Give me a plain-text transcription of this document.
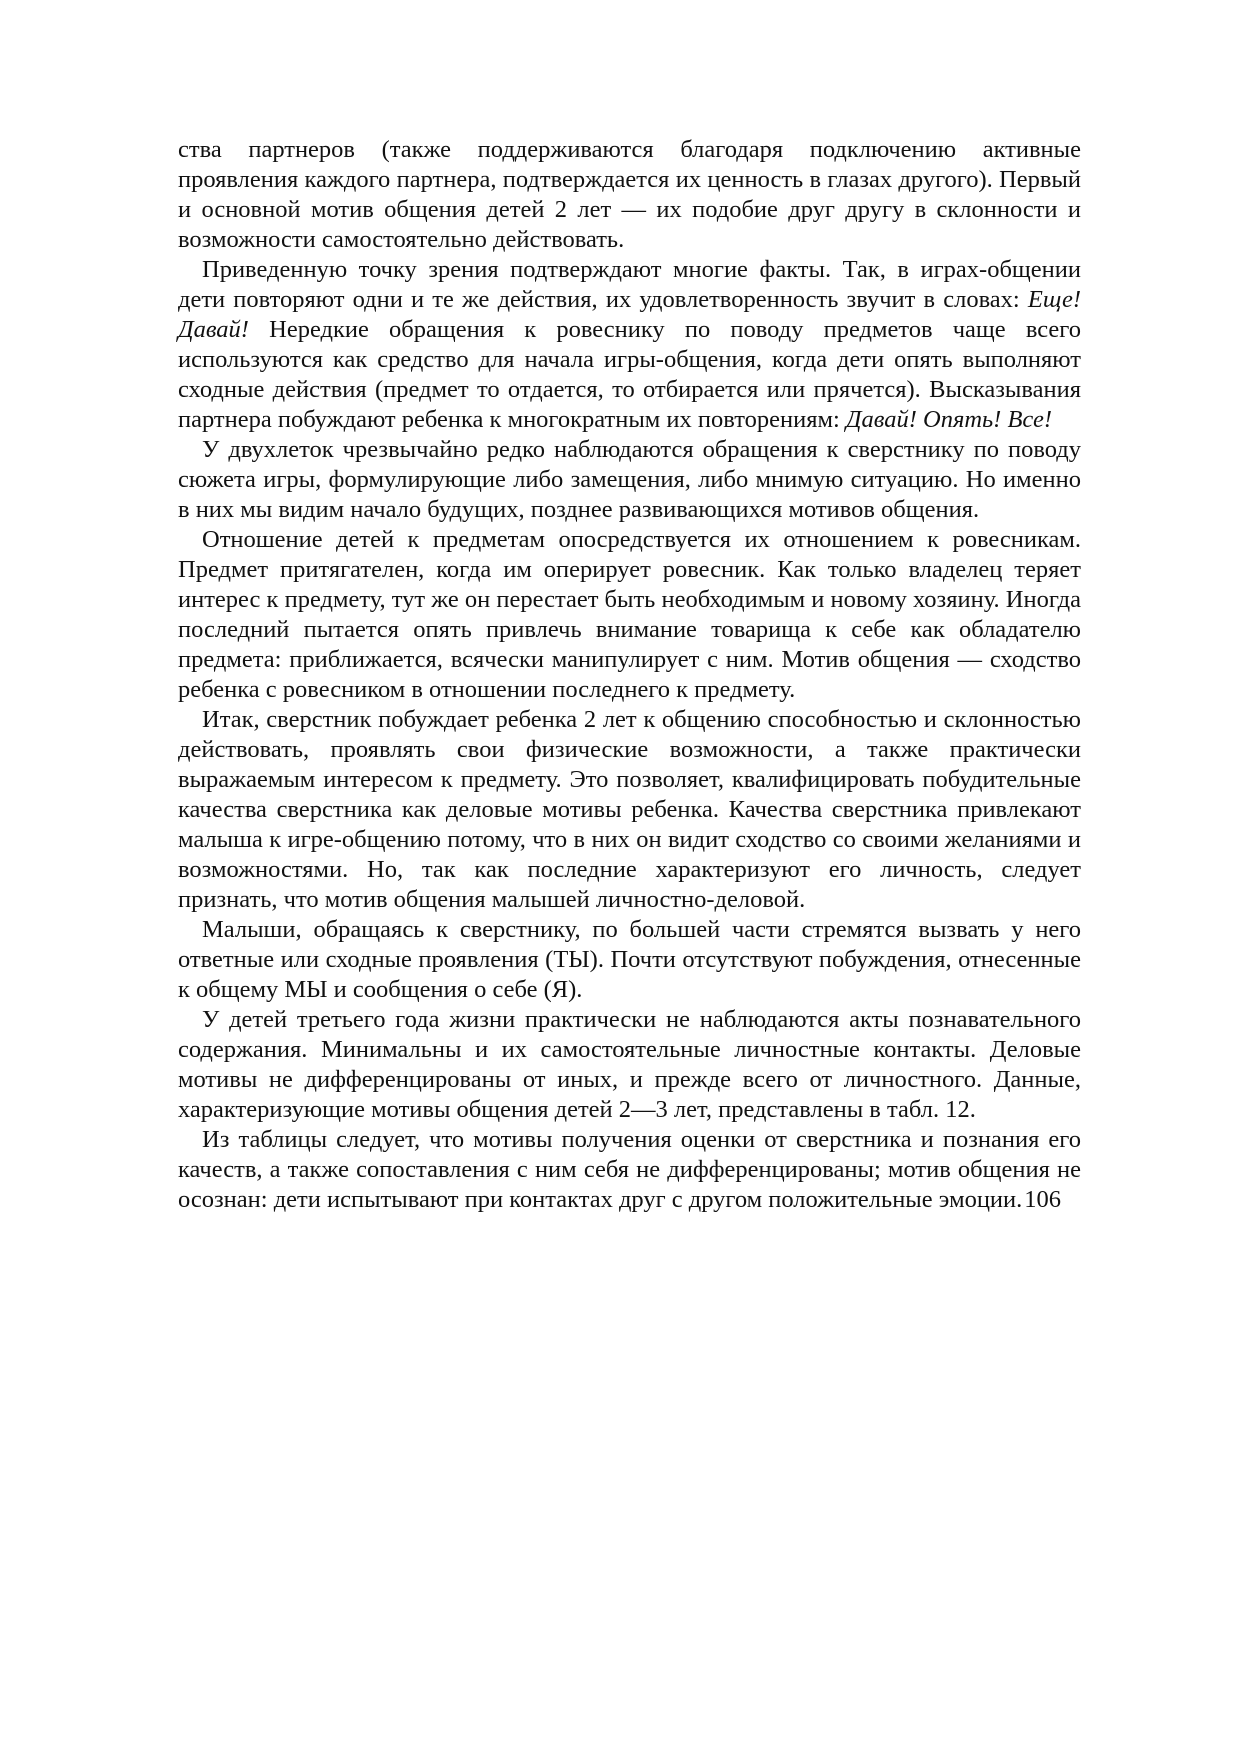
ства партнеров (также поддерживаются благодаря подключению активные проявления каждого партнера, подтверждается их ценность в глазах другого). Первый и основной мотив общения детей 2 лет — их подобие друг другу в склонности и возможности самостоятельно действовать.

Приведенную точку зрения подтверждают многие факты. Так, в играх-общении дети повторяют одни и те же действия, их удовлетворенность звучит в словах: Еще! Давай! Нередкие обращения к ровеснику по поводу предметов чаще всего используются как средство для начала игры-общения, когда дети опять выполняют сходные действия (предмет то отдается, то отбирается или прячется). Высказывания партнера побуждают ребенка к многократным их повторениям: Давай! Опять! Все!

У двухлеток чрезвычайно редко наблюдаются обращения к сверстнику по поводу сюжета игры, формулирующие либо замещения, либо мнимую ситуацию. Но именно в них мы видим начало будущих, позднее развивающихся мотивов общения.

Отношение детей к предметам опосредствуется их отношением к ровесникам. Предмет притягателен, когда им оперирует ровесник. Как только владелец теряет интерес к предмету, тут же он перестает быть необходимым и новому хозяину. Иногда последний пытается опять привлечь внимание товарища к себе как обладателю предмета: приближается, всячески манипулирует с ним. Мотив общения — сходство ребенка с ровесником в отношении последнего к предмету.

Итак, сверстник побуждает ребенка 2 лет к общению способностью и склонностью действовать, проявлять свои физические возможности, а также практически выражаемым интересом к предмету. Это позволяет, квалифицировать побудительные качества сверстника как деловые мотивы ребенка. Качества сверстника привлекают малыша к игре-общению потому, что в них он видит сходство со своими желаниями и возможностями. Но, так как последние характеризуют его личность, следует признать, что мотив общения малышей личностно-деловой.

Малыши, обращаясь к сверстнику, по большей части стремятся вызвать у него ответные или сходные проявления (ТЫ). Почти отсутствуют побуждения, отнесенные к общему МЫ и сообщения о себе (Я).

У детей третьего года жизни практически не наблюдаются акты познавательного содержания. Минимальны и их самостоятельные личностные контакты. Деловые мотивы не дифференцированы от иных, и прежде всего от личностного. Данные, характеризующие мотивы общения детей 2—3 лет, представлены в табл. 12.

Из таблицы следует, что мотивы получения оценки от сверстника и познания его качеств, а также сопоставления с ним себя не дифференцированы; мотив общения не осознан: дети испытывают при контактах друг с другом положительные эмоции. 106
